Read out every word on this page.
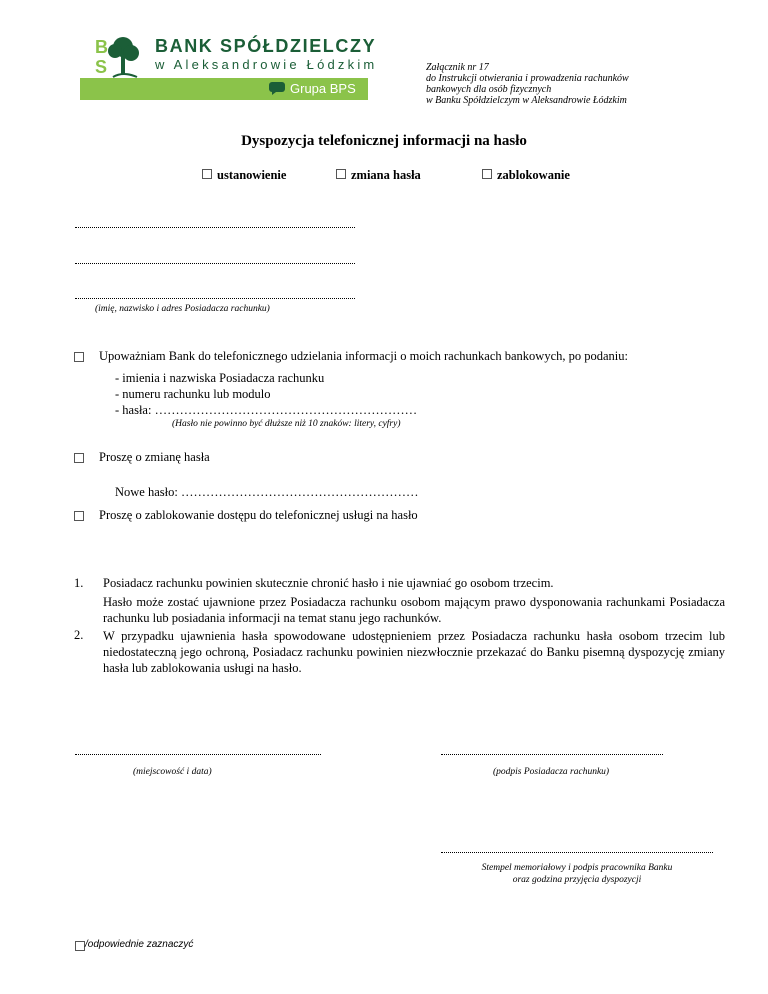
B
S
BANK SPÓŁDZIELCZY
w Aleksandrowie Łódzkim
Grupa BPS
Załącznik nr 17
do Instrukcji otwierania i prowadzenia rachunków
bankowych dla osób fizycznych
w Banku Spółdzielczym w Aleksandrowie Łódzkim
Dyspozycja telefonicznej informacji na hasło
ustanowienie	zmiana hasła	zablokowanie
(imię, nazwisko i adres Posiadacza rachunku)
Upoważniam Bank do telefonicznego udzielania informacji o moich rachunkach bankowych, po podaniu:
- imienia i nazwiska Posiadacza rachunku
- numeru rachunku lub modulo
- hasła: ………………………………………………………
(Hasło nie powinno być dłuższe niż 10 znaków: litery, cyfry)
Proszę o zmianę hasła
Nowe hasło: …………………………………………………
Proszę o zablokowanie dostępu do telefonicznej usługi na hasło
1. Posiadacz rachunku powinien skutecznie chronić hasło i nie ujawniać go osobom trzecim.
Hasło może zostać ujawnione przez Posiadacza rachunku osobom mającym prawo dysponowania rachunkami Posiadacza rachunku lub posiadania informacji na temat stanu jego rachunków.
2. W przypadku ujawnienia hasła spowodowane udostępnieniem przez Posiadacza rachunku hasła osobom trzecim lub niedostateczną jego ochroną, Posiadacz rachunku powinien niezwłocznie przekazać do Banku pisemną dyspozycję zmiany hasła lub zablokowania usługi na hasło.
(miejscowość i data)	(podpis Posiadacza rachunku)
Stempel memoriałowy i podpis pracownika Banku
oraz godzina przyjęcia dyspozycji
/odpowiednie zaznaczyć
